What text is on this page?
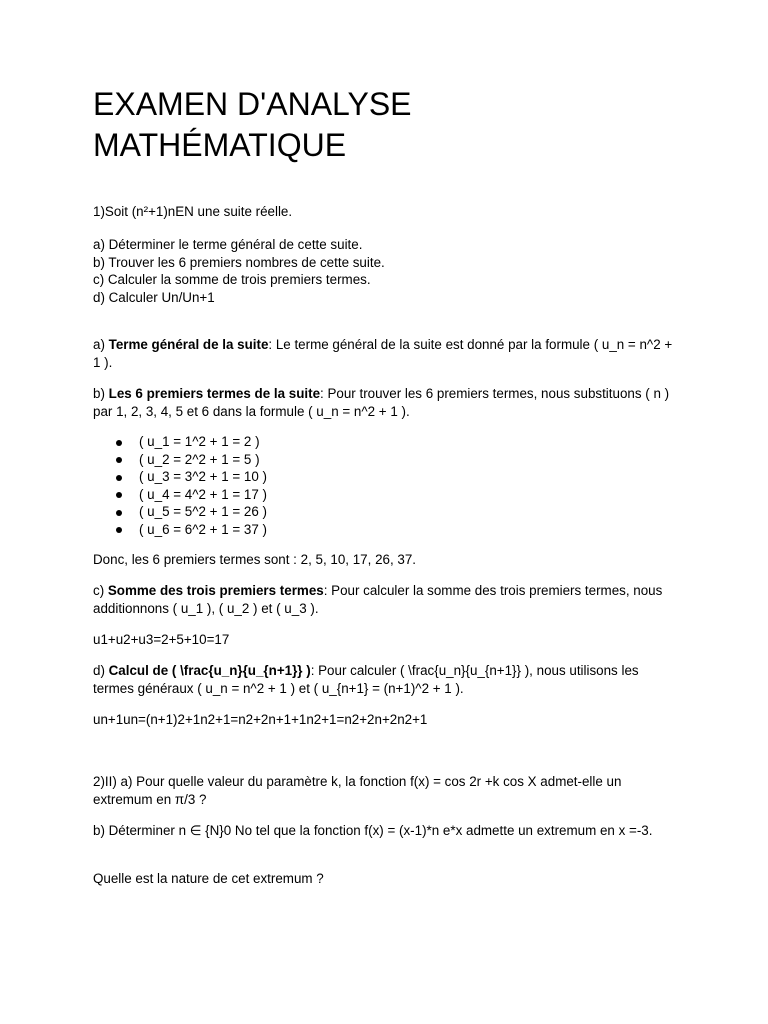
EXAMEN D'ANALYSE
MATHÉMATIQUE

1)Soit (n²+1)nEN une suite réelle.

a) Déterminer le terme général de cette suite.

b) Trouver les 6 premiers nombres de cette suite.

c) Calculer la somme de trois premiers termes.

d) Calculer Un/Un+1

a) Terme général de la suite: Le terme général de la suite est donné par la formule ( u_n = n^2 + 1 ).

b) Les 6 premiers termes de la suite: Pour trouver les 6 premiers termes, nous substituons ( n ) par 1, 2, 3, 4, 5 et 6 dans la formule ( u_n = n^2 + 1 ).

( u_1 = 1^2 + 1 = 2 )
( u_2 = 2^2 + 1 = 5 )
( u_3 = 3^2 + 1 = 10 )
( u_4 = 4^2 + 1 = 17 )
( u_5 = 5^2 + 1 = 26 )
( u_6 = 6^2 + 1 = 37 )

Donc, les 6 premiers termes sont : 2, 5, 10, 17, 26, 37.

c) Somme des trois premiers termes: Pour calculer la somme des trois premiers termes, nous additionnons ( u_1 ), ( u_2 ) et ( u_3 ).

u1+u2+u3=2+5+10=17

d) Calcul de ( \frac{u_n}{u_{n+1}} ): Pour calculer ( \frac{u_n}{u_{n+1}} ), nous utilisons les termes généraux ( u_n = n^2 + 1 ) et ( u_{n+1} = (n+1)^2 + 1 ).

un+1un=(n+1)2+1n2+1=n2+2n+1+1n2+1=n2+2n+2n2+1

2)II) a) Pour quelle valeur du paramètre k, la fonction f(x) = cos 2r +k cos X admet-elle un extremum en π/3 ?

b) Déterminer n ∈ {N}0 No tel que la fonction f(x) = (x-1)*n e*x admette un extremum en x =-3.

Quelle est la nature de cet extremum ?
